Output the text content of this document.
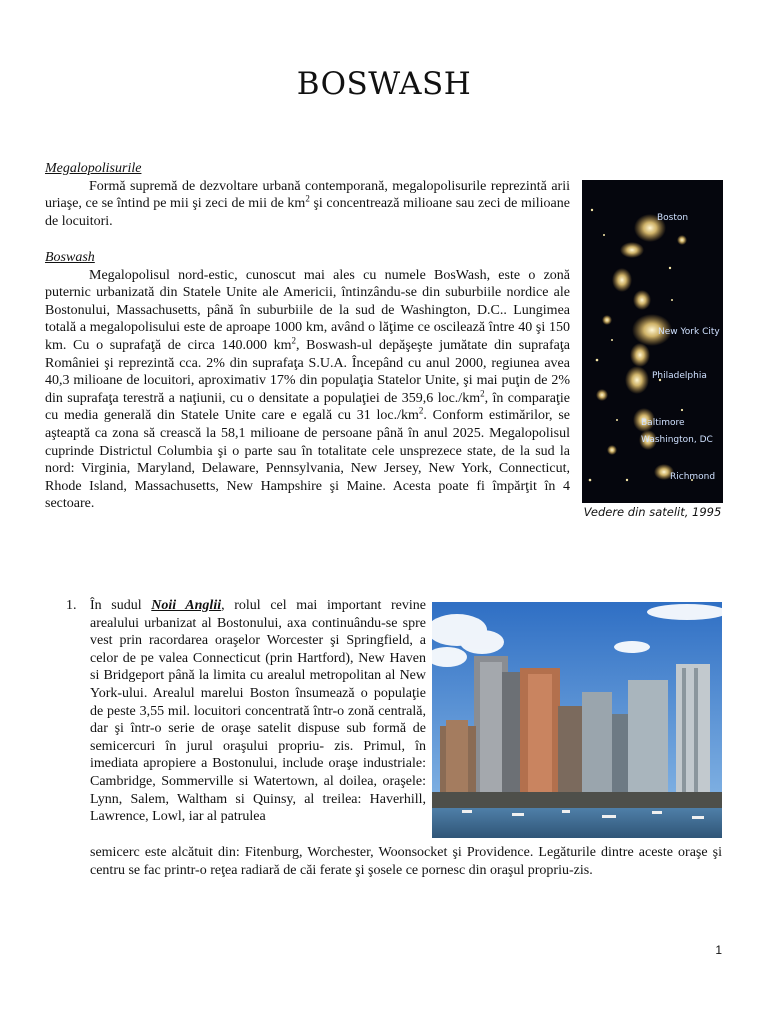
BOSWASH

Megalopolisurile

Formă supremă de dezvoltare urbană contemporană, megalopolisurile reprezintă arii uriaşe, ce se întind pe mii şi zeci de mii de $km^2$ şi concentrează milioane sau zeci de milioane de locuitori.

Boswash

Megalopolisul nord-estic, cunoscut mai ales cu numele BosWash, este o zonă puternic urbanizată din Statele Unite ale Americii, întinzându-se din suburbiile nordice ale Bostonului, Massachusetts, până în suburbiile de la sud de Washington, D.C.. Lungimea totală a megalopolisului este de aproape 1000 km, având o lăţime ce oscilează între 40 şi 150 km. Cu o suprafaţă de circa 140.000 $km^2$, Boswash-ul depăşeşte jumătate din suprafaţa României şi reprezintă cca. 2% din suprafaţa S.U.A. Începând cu anul 2000, regiunea avea 40,3 milioane de locuitori, aproximativ 17% din populaţia Statelor Unite, şi mai puţin de 2% din suprafaţa terestră a naţiunii, cu o densitate a populaţiei de 359,6 $loc./km^2$, în comparaţie cu media generală din Statele Unite care e egală cu 31 $loc./km^2$. Conform estimărilor, se aşteaptă ca zona să crească la 58,1 milioane de persoane până în anul 2025. Megalopolisul cuprinde Districtul Columbia şi o parte sau în totalitate cele unsprezece state, de la sud la nord: Virginia, Maryland, Delaware, Pennsylvania, New Jersey, New York, Connecticut, Rhode Island, Massachusetts, New Hampshire şi Maine. Acesta poate fi împărţit în 4 sectoare.

Boston
New York City
Philadelphia
Baltimore
Washington, DC
Richmond
Vedere din satelit, 1995
1. În sudul Noii Anglii, rolul cel mai important revine arealului urbanizat al Bostonului, axa continuându-se spre vest prin racordarea oraşelor Worcester şi Springfield, a celor de pe valea Connecticut (prin Hartford), New Haven si Bridgeport până la limita cu arealul metropolitan al New York-ului. Arealul marelui Boston însumează o populaţie de peste 3,55 mil. locuitori concentrată într-o zonă centrală, dar şi într-o serie de oraşe satelit dispuse sub formă de semicercuri în jurul oraşului propriu- zis. Primul, în imediata apropiere a Bostonului, include oraşe industriale: Cambridge, Sommerville si Watertown, al doilea, oraşele: Lynn, Salem, Waltham si Quinsy, al treilea: Haverhill, Lawrence, Lowl, iar al patrulea
semicerc este alcătuit din: Fitenburg, Worchester, Woonsocket şi Providence. Legăturile dintre aceste oraşe şi centru se fac printr-o reţea radiară de căi ferate şi şosele ce pornesc din oraşul propriu-zis.
1
